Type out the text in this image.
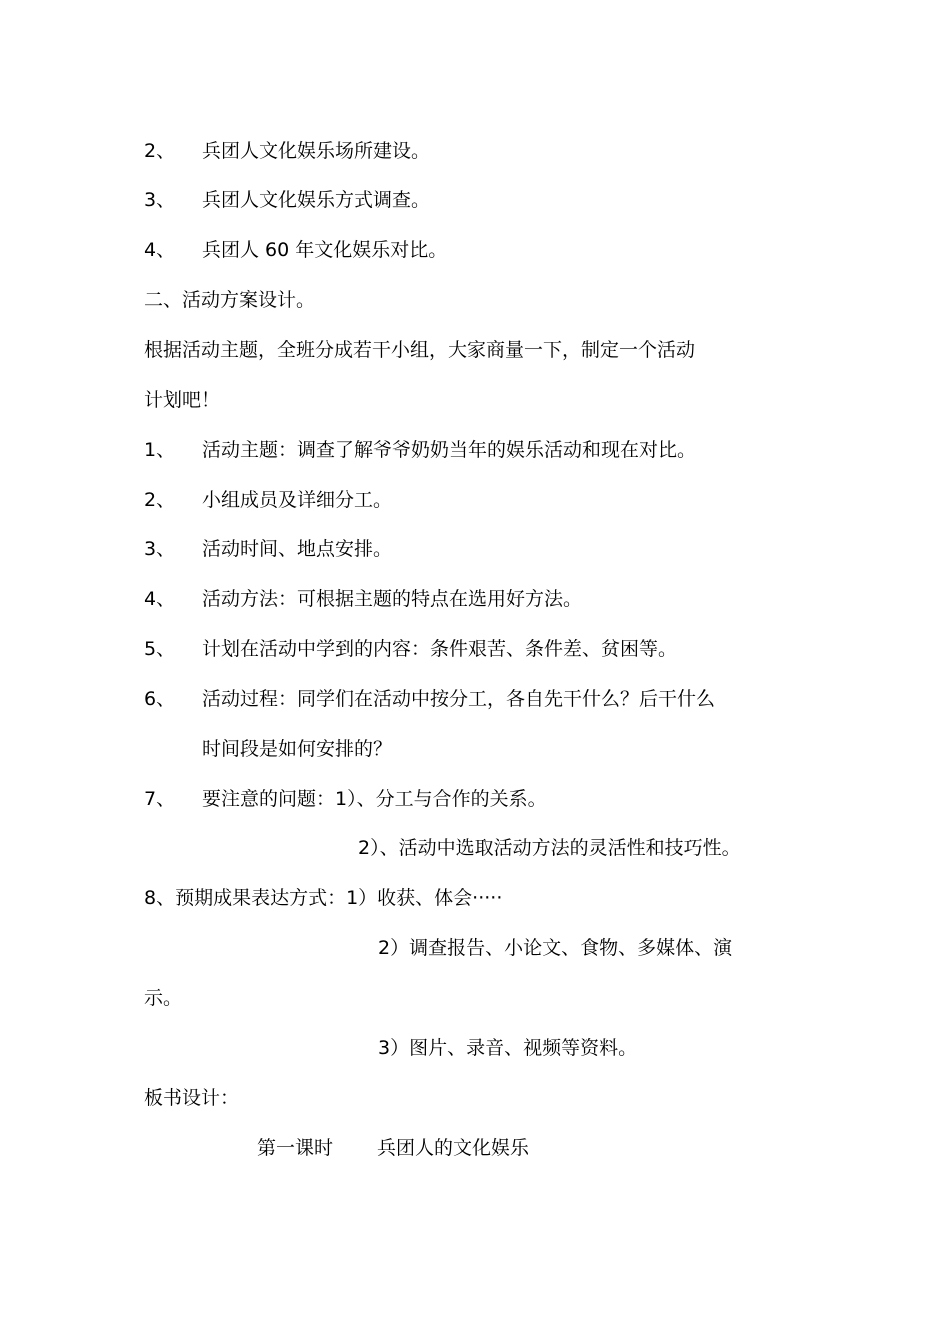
2、 兵团人文化娱乐场所建设。
3、 兵团人文化娱乐方式调查。
4、 兵团人 60 年文化娱乐对比。
二、活动方案设计。
根据活动主题，全班分成若干小组，大家商量一下，制定一个活动
计划吧！
1、 活动主题：调查了解爷爷奶奶当年的娱乐活动和现在对比。
2、 小组成员及详细分工。
3、 活动时间、地点安排。
4、 活动方法：可根据主题的特点在选用好方法。
5、 计划在活动中学到的内容：条件艰苦、条件差、贫困等。
6、 活动过程：同学们在活动中按分工，各自先干什么？后干什么
时间段是如何安排的？
7、 要注意的问题：1）、分工与合作的关系。
2）、活动中选取活动方法的灵活性和技巧性。
8、预期成果表达方式：1）收获、体会·····
2）调查报告、小论文、食物、多媒体、演
示。
3）图片、录音、视频等资料。
板书设计：
第一课时 兵团人的文化娱乐
